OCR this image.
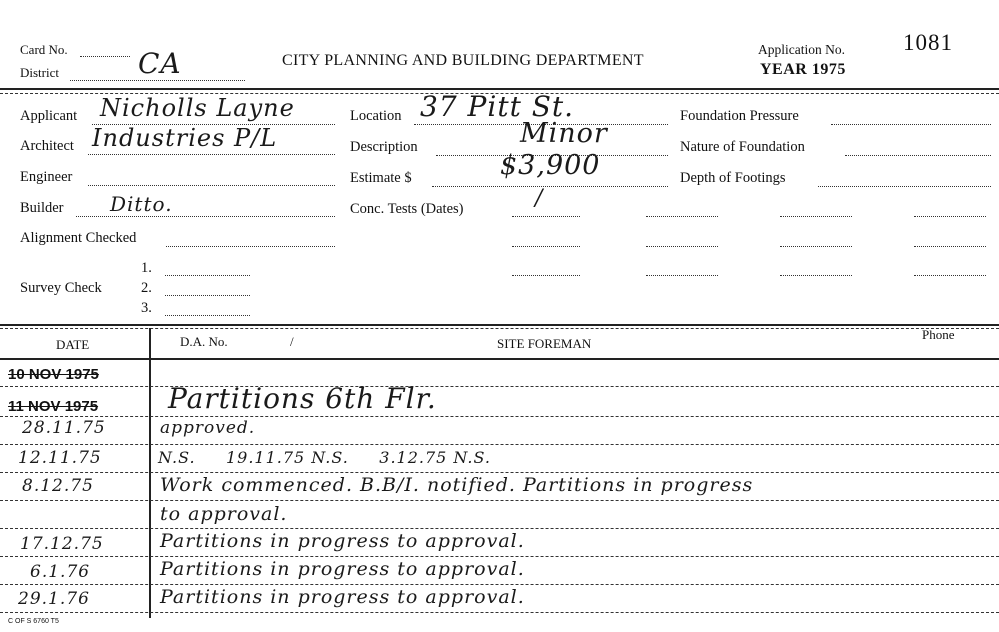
Card No.
District	CA	CITY PLANNING AND BUILDING DEPARTMENT
Application No.	1081
YEAR 1975
Applicant Nicholls Layne
Architect Industries P/L
Engineer
Builder Ditto.
Alignment Checked
1.
Survey Check	2.
3.
Location 37 Pitt St.
Description	Minor
Estimate $	$3,900
Conc. Tests (Dates)	/
Foundation Pressure
Nature of Foundation
Depth of Footings
DATE	D.A. No.	/	SITE FOREMAN
Phone
10 NOV 1975
11 NOV 1975 Partitions 6th Flr.
28.11.75	approved.
12.11.75	N.S.     19.11.75 N.S.     3.12.75 N.S.
8.12.75	Work commenced. B.B/I. notified. Partitions in progress
to approval.
17.12.75	Partitions in progress to approval.
6.1.76	Partitions in progress to approval.
29.1.76	Partitions in progress to approval.
C OF S 6760 T5
